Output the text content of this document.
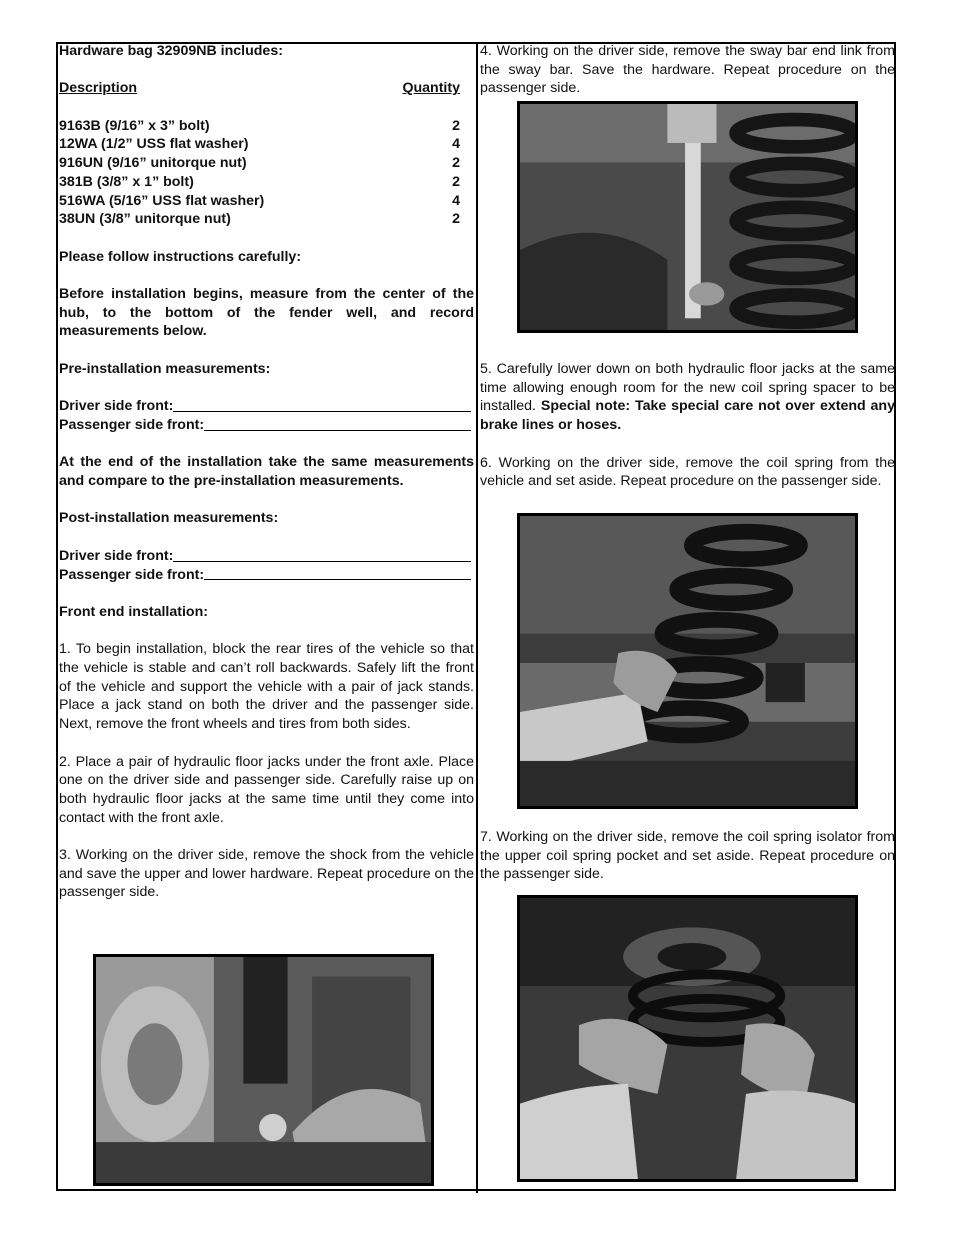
Hardware bag 32909NB includes:

Description	Quantity
9163B (9/16” x 3” bolt)	2
12WA (1/2” USS flat washer)	4
916UN (9/16” unitorque nut)	2
381B (3/8” x 1” bolt)	2
516WA (5/16” USS flat washer)	4
38UN (3/8” unitorque nut)	2

Please follow instructions carefully:

Before installation begins, measure from the center of the hub, to the bottom of the fender well, and record measurements below.

Pre-installation measurements:

Driver side front:
Passenger side front:

At the end of the installation take the same measurements and compare to the pre-installation measurements.

Post-installation measurements:

Driver side front:
Passenger side front:

Front end installation:

1. To begin installation, block the rear tires of the vehicle so that the vehicle is stable and can’t roll backwards. Safely lift the front of the vehicle and support the vehicle with a pair of jack stands. Place a jack stand on both the driver and the passenger side. Next, remove the front wheels and tires from both sides.

2. Place a pair of hydraulic floor jacks under the front axle. Place one on the driver side and passenger side. Carefully raise up on both hydraulic floor jacks at the same time until they come into contact with the front axle.

3. Working on the driver side, remove the shock from the vehicle and save the upper and lower hardware. Repeat procedure on the passenger side.

4. Working on the driver side, remove the sway bar end link from the sway bar. Save the hardware. Repeat procedure on the passenger side.

5. Carefully lower down on both hydraulic floor jacks at the same time allowing enough room for the new coil spring spacer to be installed. Special note: Take special care not over extend any brake lines or hoses.

6. Working on the driver side, remove the coil spring from the vehicle and set aside. Repeat procedure on the passenger side.

7. Working on the driver side, remove the coil spring isolator from the upper coil spring pocket and set aside. Repeat procedure on the passenger side.
